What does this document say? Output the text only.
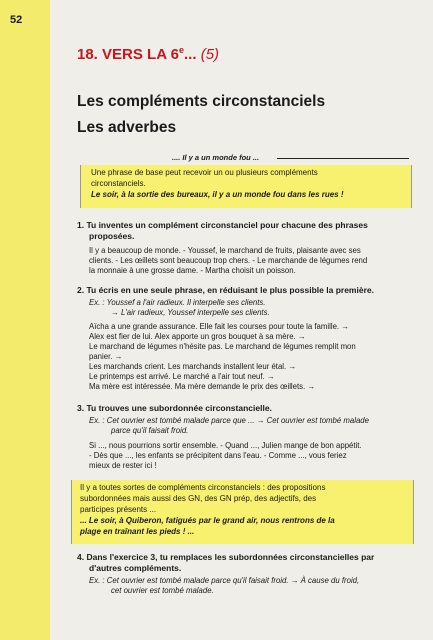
52
18. VERS LA 6e... (5)
Les compléments circonstanciels
Les adverbes
.... Il y a un monde fou ...
Une phrase de base peut recevoir un ou plusieurs compléments
circonstanciels.
Le soir, à la sortie des bureaux, il y a un monde fou dans les rues !
1. Tu inventes un complément circonstanciel pour chacune des phrases
proposées.
Il y a beaucoup de monde. - Youssef, le marchand de fruits, plaisante avec ses
clients. - Les œillets sont beaucoup trop chers. - Le marchande de légumes rend
la monnaie à une grosse dame. - Martha choisit un poisson.
2. Tu écris en une seule phrase, en réduisant le plus possible la première.
Ex. : Youssef a l'air radieux. Il interpelle ses clients.
→ L'air radieux, Youssef interpelle ses clients.
Aïcha a une grande assurance. Elle fait les courses pour toute la famille. →
Alex est fier de lui. Alex apporte un gros bouquet à sa mère. →
Le marchand de légumes n'hésite pas. Le marchand de légumes remplit mon
panier. →
Les marchands crient. Les marchands installent leur étal. →
Le printemps est arrivé. Le marché a l'air tout neuf. →
Ma mère est intéressée. Ma mère demande le prix des œillets. →
3. Tu trouves une subordonnée circonstancielle.
Ex. : Cet ouvrier est tombé malade parce que ... → Cet ouvrier est tombé malade
parce qu'il faisait froid.
Si ..., nous pourrions sortir ensemble. - Quand ..., Julien mange de bon appétit.
- Dès que ..., les enfants se précipitent dans l'eau. - Comme ..., vous feriez
mieux de rester ici !
Il y a toutes sortes de compléments circonstanciels : des propositions
subordonnées mais aussi des GN, des GN prép, des adjectifs, des
participes présents ...
... Le soir, à Quiberon, fatigués par le grand air, nous rentrons de la
plage en traînant les pieds ! ...
4. Dans l'exercice 3, tu remplaces les subordonnées circonstancielles par
d'autres compléments.
Ex. : Cet ouvrier est tombé malade parce qu'il faisait froid. → À cause du froid,
cet ouvrier est tombé malade.
